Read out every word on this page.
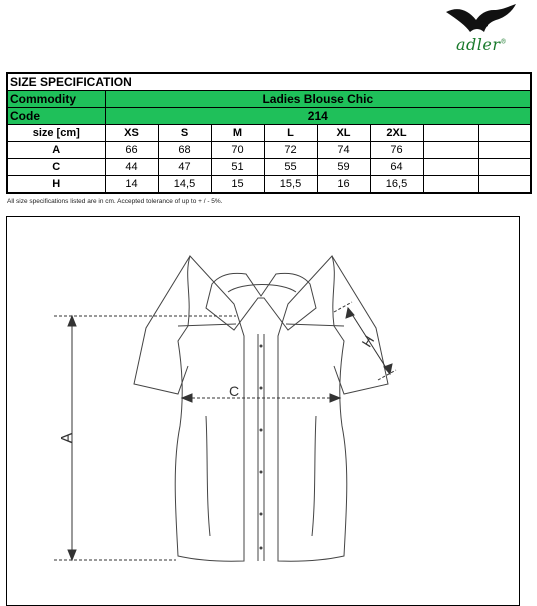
adler®
SIZE SPECIFICATION								
Commodity	Ladies Blouse Chic							
Code	214							
size [cm]	XS	S	M	L	XL	2XL		
A	66	68	70	72	74	76		
C	44	47	51	55	59	64		
H	14	14,5	15	15,5	16	16,5		
All size specifications listed are in cm. Accepted tolerance of up to + / - 5%.
A
C
H
